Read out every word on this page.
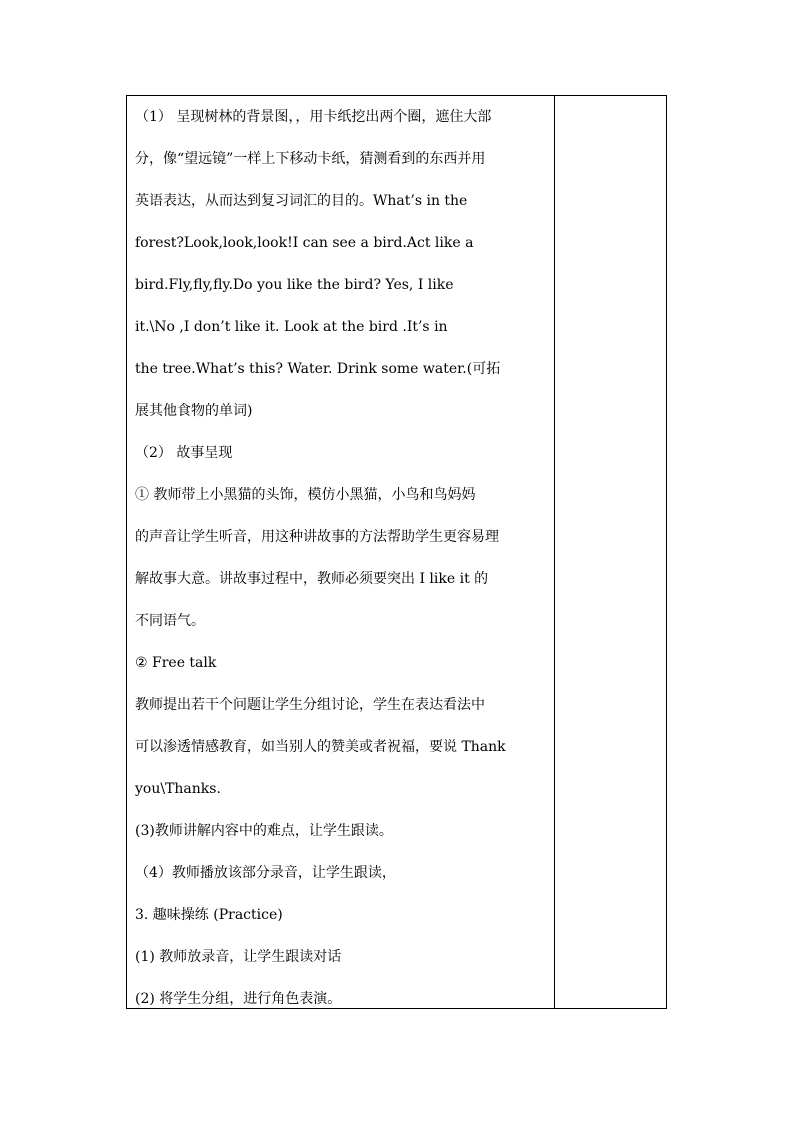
（1） 呈现树林的背景图，，用卡纸挖出两个圈，遮住大部
分，像“望远镜”一样上下移动卡纸，猜测看到的东西并用
英语表达，从而达到复习词汇的目的。What’s in the
forest?Look,look,look!I can see a bird.Act like a
bird.Fly,fly,fly.Do you like the bird? Yes, I like
it.\No ,I don’t like it. Look at the bird .It’s in
the tree.What’s this? Water. Drink some water.(可拓
展其他食物的单词)
（2） 故事呈现
① 教师带上小黑猫的头饰，模仿小黑猫，小鸟和鸟妈妈
的声音让学生听音，用这种讲故事的方法帮助学生更容易理
解故事大意。讲故事过程中，教师必须要突出 I like it 的
不同语气。
② Free talk
教师提出若干个问题让学生分组讨论，学生在表达看法中
可以渗透情感教育，如当别人的赞美或者祝福，要说 Thank
you\Thanks.
(3)教师讲解内容中的难点，让学生跟读。
（4）教师播放该部分录音，让学生跟读，
3. 趣味操练 (Practice)
(1) 教师放录音，让学生跟读对话
(2) 将学生分组，进行角色表演。
